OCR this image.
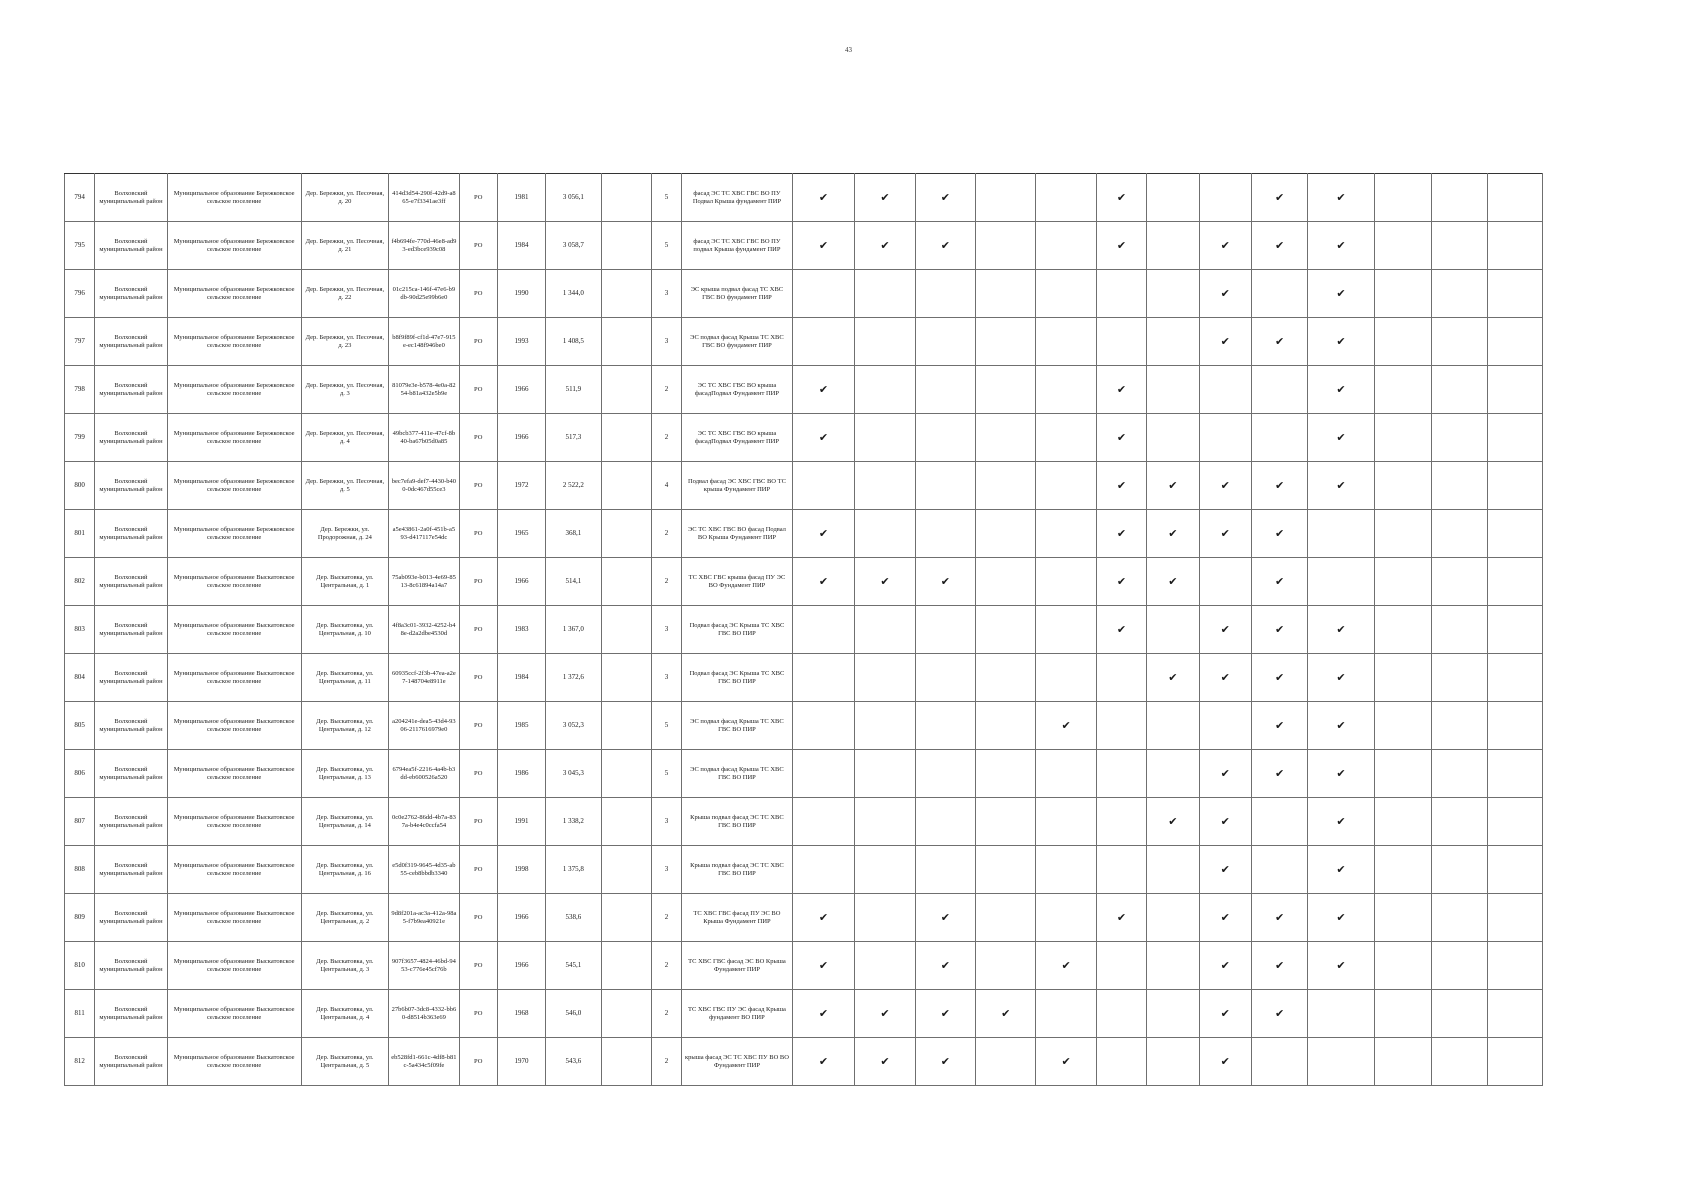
43
794	Волховский муниципальный район	Муниципальное образование Бережковское сельское поселение	Дер. Бережки, ул. Песочная, д. 20	414d3d54-290f-42d9-a865-e7f3341ae3ff	РО	1981	3 056,1		5	фасад ЭС ТС ХВС ГВС ВО ПУ Подвал Крыша фундамент ПИР	✔	✔	✔			✔			✔	✔			
795	Волховский муниципальный район	Муниципальное образование Бережковское сельское поселение	Дер. Бережки, ул. Песочная, д. 21	f4b694fe-770d-46e8-ad93-ed3bce939c08	РО	1984	3 058,7		5	фасад ЭС ТС ХВС ГВС ВО ПУ подвал Крыша фундамент ПИР	✔	✔	✔			✔		✔	✔	✔			
796	Волховский муниципальный район	Муниципальное образование Бережковское сельское поселение	Дер. Бережки, ул. Песочная, д. 22	01c215ca-146f-47e6-b9db-90d25e99b6e0	РО	1990	1 344,0		3	ЭС крыша подвал фасад ТС ХВС ГВС ВО фундамент ПИР								✔		✔			
797	Волховский муниципальный район	Муниципальное образование Бережковское сельское поселение	Дер. Бережки, ул. Песочная, д. 23	b8f9f89f-cf1d-47e7-915e-ec148f946be0	РО	1993	1 408,5		3	ЭС подвал фасад Крыша ТС ХВС ГВС ВО фундамент ПИР								✔	✔	✔			
798	Волховский муниципальный район	Муниципальное образование Бережковское сельское поселение	Дер. Бережки, ул. Песочная, д. 3	81079e3e-b578-4e0a-8254-b81a432e5b9e	РО	1966	511,9		2	ЭС ТС ХВС ГВС ВО крыша фасадПодвал Фундамент ПИР	✔					✔				✔			
799	Волховский муниципальный район	Муниципальное образование Бережковское сельское поселение	Дер. Бережки, ул. Песочная, д. 4	49bcb377-411e-47cf-8b40-ba67b05d0a85	РО	1966	517,3		2	ЭС ТС ХВС ГВС ВО крыша фасадПодвал Фундамент ПИР	✔					✔				✔			
800	Волховский муниципальный район	Муниципальное образование Бережковское сельское поселение	Дер. Бережки, ул. Песочная, д. 5	bec7efa9-def7-4430-b400-0dc467d55ce3	РО	1972	2 522,2		4	Подвал фасад ЭС ХВС ГВС ВО ТС крыша Фундамент ПИР						✔	✔	✔	✔	✔			
801	Волховский муниципальный район	Муниципальное образование Бережковское сельское поселение	Дер. Бережки, ул. Продорожная, д. 24	a5e43861-2a0f-451b-a593-d417117e54dc	РО	1965	368,1		2	ЭС ТС ХВС ГВС ВО фасад Подвал ВО Крыша Фундамент ПИР	✔					✔	✔	✔	✔				
802	Волховский муниципальный район	Муниципальное образование Выскатовское сельское поселение	Дер. Выскатовка, ул. Центральная, д. 1	75ab093e-b013-4e69-8513-8c61894a14a7	РО	1966	514,1		2	ТС ХВС ГВС крыша фасад ПУ ЭС ВО Фундамент ПИР	✔	✔	✔			✔	✔		✔				
803	Волховский муниципальный район	Муниципальное образование Выскатовское сельское поселение	Дер. Выскатовка, ул. Центральная, д. 10	4f8a3c01-3932-4252-b48e-d2a2dbe4530d	РО	1983	1 367,0		3	Подвал фасад ЭС Крыша ТС ХВС ГВС ВО ПИР						✔		✔	✔	✔			
804	Волховский муниципальный район	Муниципальное образование Выскатовское сельское поселение	Дер. Выскатовка, ул. Центральная, д. 11	60935ccf-2f3b-47ea-a2e7-148704e8911e	РО	1984	1 372,6		3	Подвал фасад ЭС Крыша ТС ХВС ГВС ВО ПИР							✔	✔	✔	✔			
805	Волховский муниципальный район	Муниципальное образование Выскатовское сельское поселение	Дер. Выскатовка, ул. Центральная, д. 12	a204241e-dea5-43d4-9306-2117616979e0	РО	1985	3 052,3		5	ЭС подвал фасад Крыша ТС ХВС ГВС ВО ПИР					✔				✔	✔			
806	Волховский муниципальный район	Муниципальное образование Выскатовское сельское поселение	Дер. Выскатовка, ул. Центральная, д. 13	6794ea5f-2216-4a4b-b3dd-eb600526a520	РО	1986	3 045,3		5	ЭС подвал фасад Крыша ТС ХВС ГВС ВО ПИР								✔	✔	✔			
807	Волховский муниципальный район	Муниципальное образование Выскатовское сельское поселение	Дер. Выскатовка, ул. Центральная, д. 14	0c0e2762-86dd-4b7a-837a-b4e4c0ccfa54	РО	1991	1 338,2		3	Крыша подвал фасад ЭС ТС ХВС ГВС ВО ПИР							✔	✔		✔			
808	Волховский муниципальный район	Муниципальное образование Выскатовское сельское поселение	Дер. Выскатовка, ул. Центральная, д. 16	e5d0f319-9645-4d35-ab55-ceb8bbdb3340	РО	1998	1 375,8		3	Крыша подвал фасад ЭС ТС ХВС ГВС ВО ПИР								✔		✔			
809	Волховский муниципальный район	Муниципальное образование Выскатовское сельское поселение	Дер. Выскатовка, ул. Центральная, д. 2	9d8f201a-ac3a-412a-98a5-f7b9ea40921e	РО	1966	538,6		2	ТС ХВС ГВС фасад ПУ ЭС ВО Крыша Фундамент ПИР	✔		✔			✔		✔	✔	✔			
810	Волховский муниципальный район	Муниципальное образование Выскатовское сельское поселение	Дер. Выскатовка, ул. Центральная, д. 3	907f3657-4824-46bd-9453-c776e45cf76b	РО	1966	545,1		2	ТС ХВС ГВС фасад ЭС ВО Крыша Фундамент ПИР	✔		✔		✔			✔	✔	✔			
811	Волховский муниципальный район	Муниципальное образование Выскатовское сельское поселение	Дер. Выскатовка, ул. Центральная, д. 4	27b6b07-3dc8-4332-bb60-d8514b363e69	РО	1968	546,0		2	ТС ХВС ГВС ПУ ЭС фасад Крыша фундамент ВО ПИР	✔	✔	✔	✔				✔	✔				
812	Волховский муниципальный район	Муниципальное образование Выскатовское сельское поселение	Дер. Выскатовка, ул. Центральная, д. 5	eb528fd1-661c-4df8-b81c-5a434c5f09fe	РО	1970	543,6		2	крыша фасад ЭС ТС ХВС ПУ ВО ВО Фундамент ПИР	✔	✔	✔		✔			✔					
